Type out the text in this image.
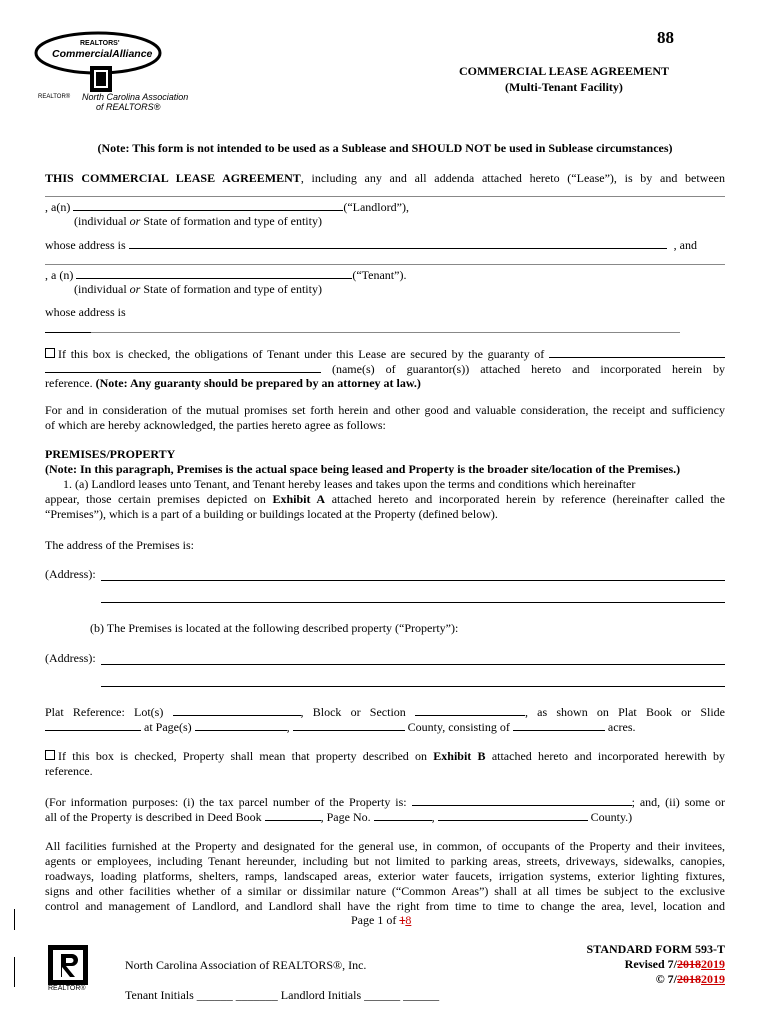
88
REALTORS'
CommercialAlliance
REALTOR® North Carolina Association
of REALTORS®
COMMERCIAL LEASE AGREEMENT
(Multi-Tenant Facility)
(Note: This form is not intended to be used as a Sublease and SHOULD NOT be used in Sublease circumstances)
THIS COMMERCIAL LEASE AGREEMENT, including any and all addenda attached hereto (“Lease”), is by and between
, a(n)	(“Landlord”),
(individual or State of formation and type of entity)
whose address is	, and
, a (n)	(“Tenant”).
(individual or State of formation and type of entity)
whose address is
If this box is checked, the obligations of Tenant under this Lease are secured by the guaranty of
(name(s) of guarantor(s)) attached hereto and incorporated herein by
reference. (Note: Any guaranty should be prepared by an attorney at law.)
For and in consideration of the mutual promises set forth herein and other good and valuable consideration, the receipt and sufficiency
of which are hereby acknowledged, the parties hereto agree as follows:
PREMISES/PROPERTY
(Note: In this paragraph, Premises is the actual space being leased and Property is the broader site/location of the Premises.)
1. (a) Landlord leases unto Tenant, and Tenant hereby leases and takes upon the terms and conditions which hereinafter
appear, those certain premises depicted on Exhibit A attached hereto and incorporated herein by reference (hereinafter called the
“Premises”), which is a part of a building or buildings located at the Property (defined below).
The address of the Premises is:
(Address):
(b) The Premises is located at the following described property (“Property”):
(Address):
Plat Reference: Lot(s)	, Block or Section	, as shown on Plat Book or Slide
at Page(s)	,	County, consisting of	acres.
If this box is checked, Property shall mean that property described on Exhibit B attached hereto and incorporated herewith by
reference.
(For information purposes: (i) the tax parcel number of the Property is:	; and, (ii) some or
all of the Property is described in Deed Book	, Page No.	,	County.)
All facilities furnished at the Property and designated for the general use, in common, of occupants of the Property and their invitees,
agents or employees, including Tenant hereunder, including but not limited to parking areas, streets, driveways, sidewalks, canopies,
roadways, loading platforms, shelters, ramps, landscaped areas, exterior water faucets, irrigation systems, exterior lighting fixtures,
signs and other facilities whether of a similar or dissimilar nature (“Common Areas”) shall at all times be subject to the exclusive
control and management of Landlord, and Landlord shall have the right from time to time to change the area, level, location and
Page 1 of 18
REALTOR®
North Carolina Association of REALTORS®, Inc.
Tenant Initials ______ _______ Landlord Initials ______ ______
STANDARD FORM 593-T
Revised 7/20182019
© 7/20182019
